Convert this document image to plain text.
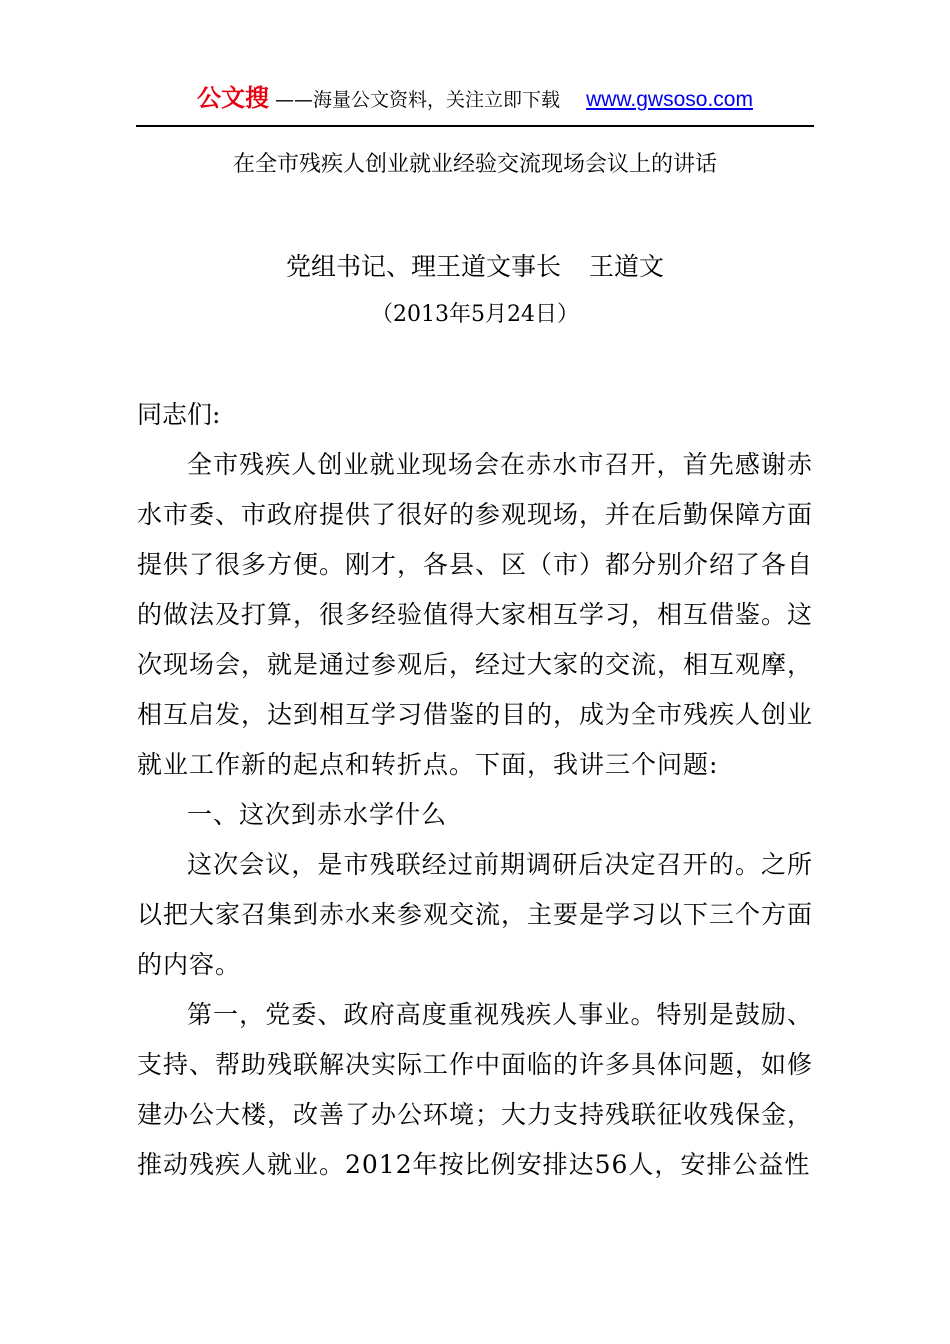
公文搜 ——海量公文资料，关注立即下载 www.gwsoso.com
在全市残疾人创业就业经验交流现场会议上的讲话
党组书记、理王道文事长 王道文
（2013年5月24日）
同志们:

全市残疾人创业就业现场会在赤水市召开，首先感谢赤水市委、市政府提供了很好的参观现场，并在后勤保障方面提供了很多方便。刚才，各县、区（市）都分别介绍了各自的做法及打算，很多经验值得大家相互学习，相互借鉴。这次现场会，就是通过参观后，经过大家的交流，相互观摩，相互启发，达到相互学习借鉴的目的，成为全市残疾人创业就业工作新的起点和转折点。下面，我讲三个问题:

一、这次到赤水学什么

这次会议，是市残联经过前期调研后决定召开的。之所以把大家召集到赤水来参观交流，主要是学习以下三个方面的内容。

第一，党委、政府高度重视残疾人事业。特别是鼓励、支持、帮助残联解决实际工作中面临的许多具体问题，如修建办公大楼，改善了办公环境；大力支持残联征收残保金，推动残疾人就业。2012年按比例安排达56人，安排公益性
